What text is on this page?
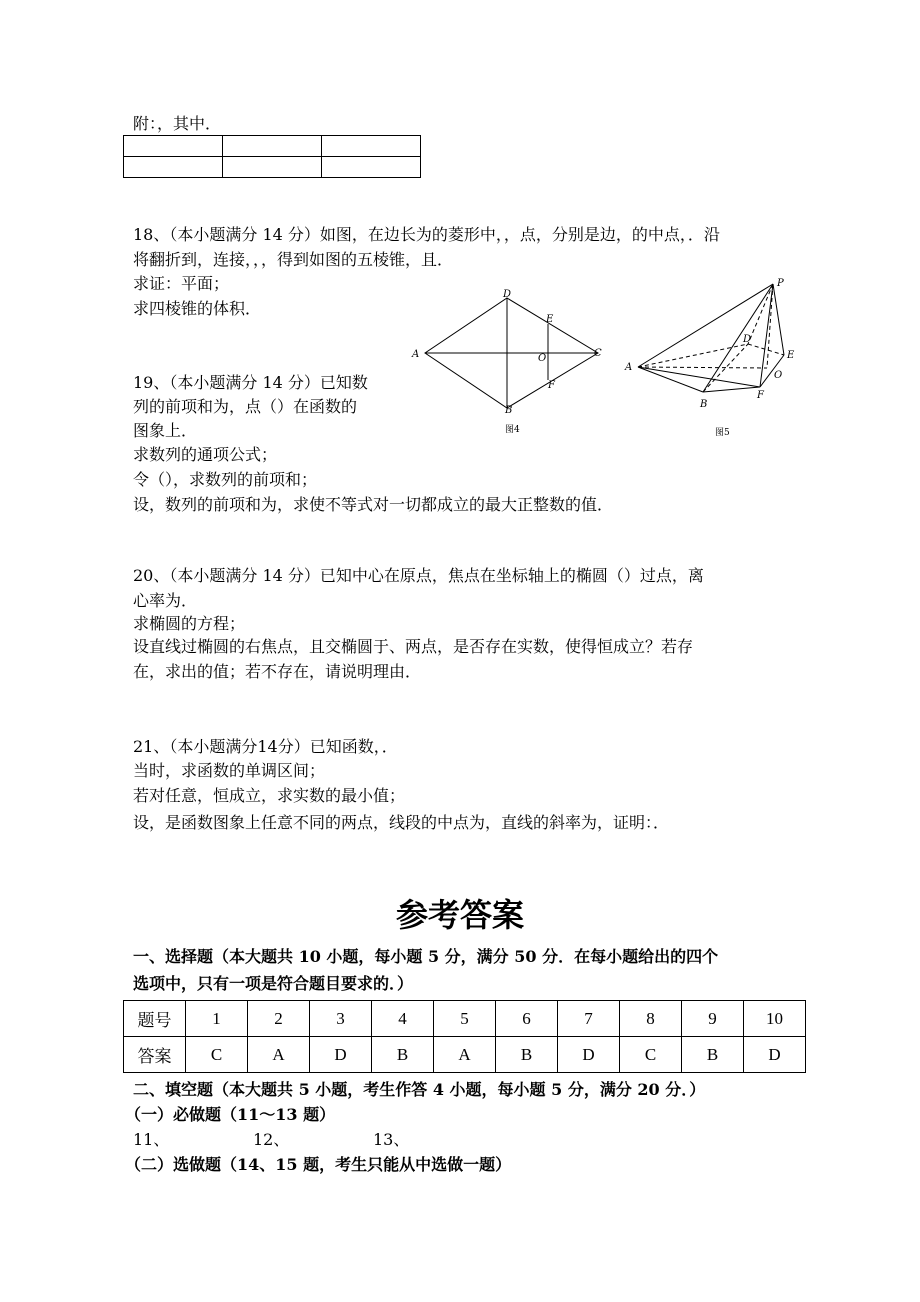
附：，其中．

18、（本小题满分 14 分）如图，在边长为的菱形中，，点，分别是边，的中点，．沿
将翻折到，连接，，，得到如图的五棱锥，且．
求证：平面；
求四棱锥的体积．
D
E
A	O	C
F
B
图4
P
D
E
A
O
B
F
图5
19、（本小题满分 14 分）已知数
列的前项和为，点（）在函数的
图象上．
求数列的通项公式；
令（），求数列的前项和；
设，数列的前项和为，求使不等式对一切都成立的最大正整数的值．
20、（本小题满分 14 分）已知中心在原点，焦点在坐标轴上的椭圆（）过点，离
心率为．
求椭圆的方程；
设直线过椭圆的右焦点，且交椭圆于、两点，是否存在实数，使得恒成立？若存
在，求出的值；若不存在，请说明理由．
21、（本小题满分14分）已知函数，．
当时，求函数的单调区间；
若对任意，恒成立，求实数的最小值；
设，是函数图象上任意不同的两点，线段的中点为，直线的斜率为，证明：．
参考答案
一、选择题（本大题共 10 小题，每小题 5 分，满分 50 分．在每小题给出的四个
选项中，只有一项是符合题目要求的．）
题号	1	2	3	4	5	6	7	8	9	10
答案	C	A	D	B	A	B	D	C	B	D
二、填空题（本大题共 5 小题，考生作答 4 小题，每小题 5 分，满分 20 分．）
（一）必做题（11～13 题）
11、	12、	13、
（二）选做题（14、15 题，考生只能从中选做一题）
